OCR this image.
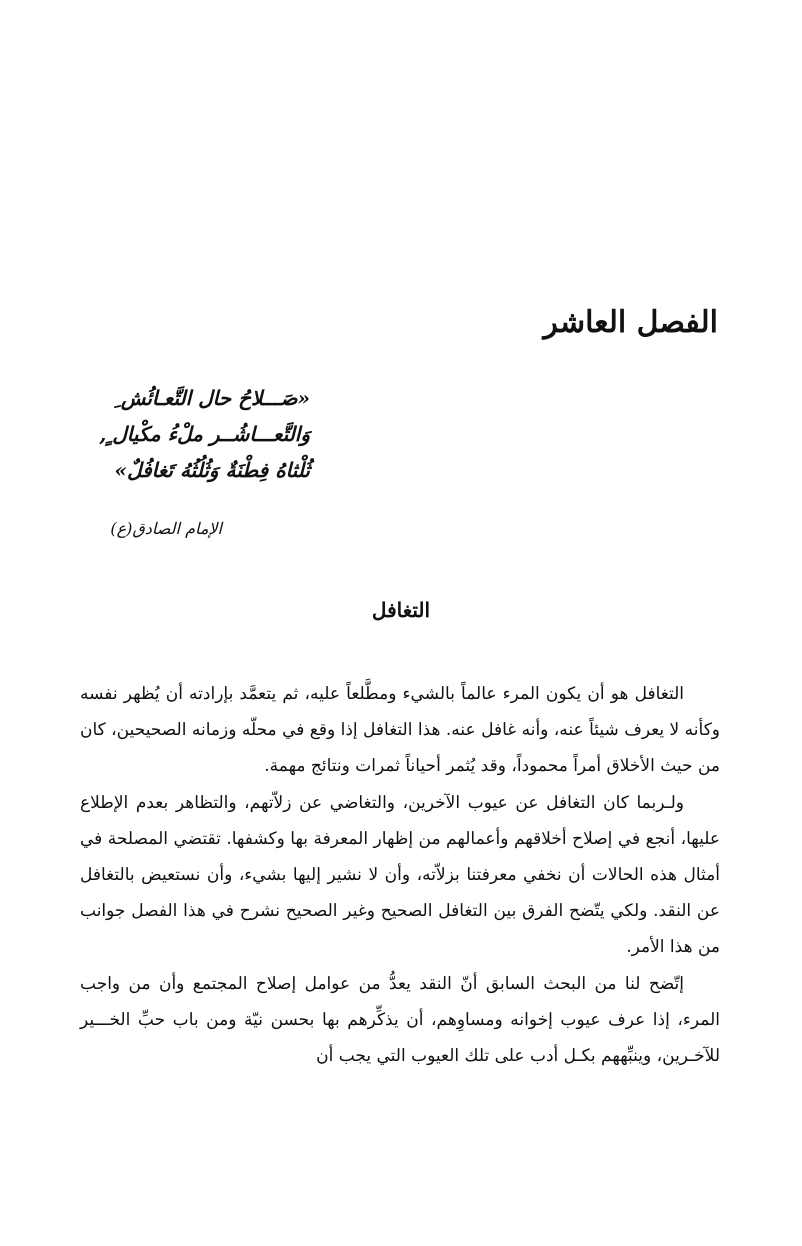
الفصل العاشر
«صَـــلاحُ حال التَّعـائُش ِ
وَالتَّعـــاشُــر ملْءُ مكْيال ٍ,
ثُلْثاهُ فِطْنَةٌ وَثُلُثُهُ تَغافُلٌ»
الإمام الصادق(ع)
التغافل

التغافل هو أن يكون المرء عالماً بالشيء ومطَّلعاً عليه، ثم يتعمَّد بإرادته أن يُظهر نفسه وكأنه لا يعرف شيئاً عنه، وأنه غافل عنه. هذا التغافل إذا وقع في محلّه وزمانه الصحيحين، كان من حيث الأخلاق أمراً محموداً، وقد يُثمر أحياناً ثمرات ونتائج مهمة.

ولـربما كان التغافل عن عيوب الآخرين، والتغاضي عن زلاّتهم، والتظاهر بعدم الإطلاع عليها، أنجع في إصلاح أخلاقهم وأعمالهم من إظهار المعرفة بها وكشفها. تقتضي المصلحة في أمثال هذه الحالات أن نخفي معرفتنا بزلاّته، وأن لا نشير إليها بشيء، وأن نستعيض بالتغافل عن النقد. ولكي يتّضح الفرق بين التغافل الصحيح وغير الصحيح نشرح في هذا الفصل جوانب من هذا الأمر.

إتّضح لنا من البحث السابق أنّ النقد يعدُّ من عوامل إصلاح المجتمع وأن من واجب المرء، إذا عرف عيوب إخوانه ومساوِهم، أن يذكِّرهم بها بحسن نيّة ومن باب حبِّ الخـــير للآخـرين، وينبِّههم بكـل أدب على تلك العيوب التي يجب أن
